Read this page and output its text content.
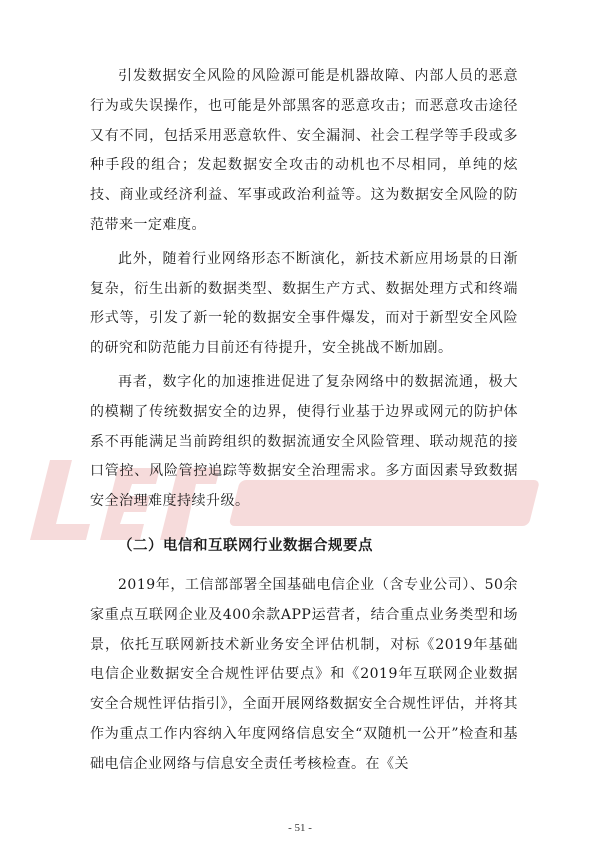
引发数据安全风险的风险源可能是机器故障、内部人员的恶意行为或失误操作，也可能是外部黑客的恶意攻击；而恶意攻击途径又有不同，包括采用恶意软件、安全漏洞、社会工程学等手段或多种手段的组合；发起数据安全攻击的动机也不尽相同，单纯的炫技、商业或经济利益、军事或政治利益等。这为数据安全风险的防范带来一定难度。

此外，随着行业网络形态不断演化，新技术新应用场景的日渐复杂，衍生出新的数据类型、数据生产方式、数据处理方式和终端形式等，引发了新一轮的数据安全事件爆发，而对于新型安全风险的研究和防范能力目前还有待提升，安全挑战不断加剧。

再者，数字化的加速推进促进了复杂网络中的数据流通，极大的模糊了传统数据安全的边界，使得行业基于边界或网元的防护体系不再能满足当前跨组织的数据流通安全风险管理、联动规范的接口管控、风险管控追踪等数据安全治理需求。多方面因素导致数据安全治理难度持续升级。

（二）电信和互联网行业数据合规要点

2019年，工信部部署全国基础电信企业（含专业公司）、50余家重点互联网企业及400余款APP运营者，结合重点业务类型和场景，依托互联网新技术新业务安全评估机制，对标《2019年基础电信企业数据安全合规性评估要点》和《2019年互联网企业数据安全合规性评估指引》，全面开展网络数据安全合规性评估，并将其作为重点工作内容纳入年度网络信息安全“双随机一公开”检查和基础电信企业网络与信息安全责任考核检查。在《关

- 51 -
